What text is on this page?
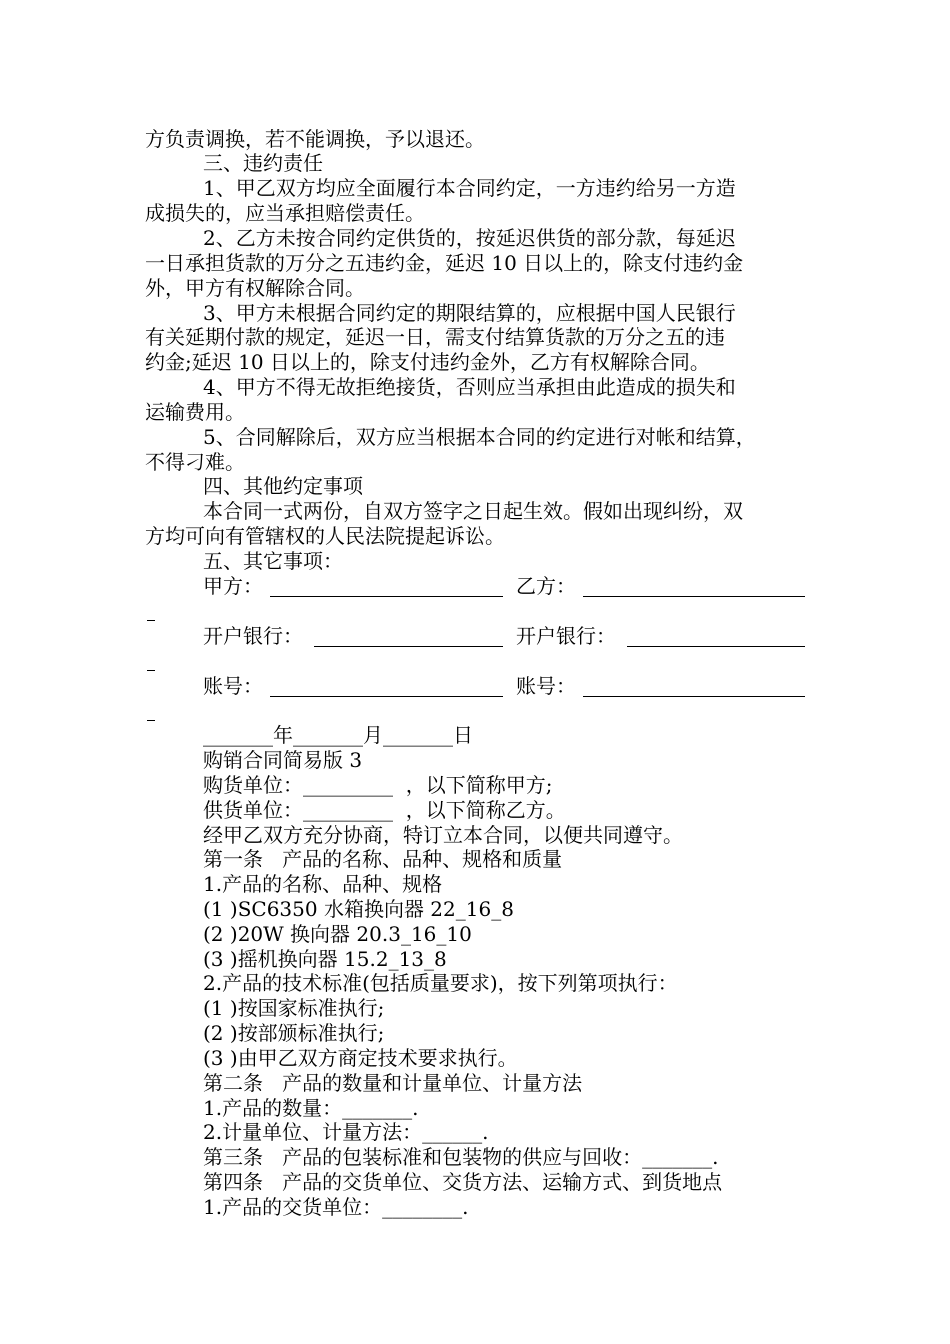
方负责调换，若不能调换，予以退还。
三、违约责任
1、甲乙双方均应全面履行本合同约定，一方违约给另一方造
成损失的，应当承担赔偿责任。
2、乙方未按合同约定供货的，按延迟供货的部分款，每延迟
一日承担货款的万分之五违约金，延迟 10 日以上的，除支付违约金
外，甲方有权解除合同。
3、甲方未根据合同约定的期限结算的，应根据中国人民银行
有关延期付款的规定，延迟一日，需支付结算货款的万分之五的违
约金;延迟 10 日以上的，除支付违约金外，乙方有权解除合同。
4、甲方不得无故拒绝接货，否则应当承担由此造成的损失和
运输费用。
5、合同解除后，双方应当根据本合同的约定进行对帐和结算，
不得刁难。
四、其他约定事项
本合同一式两份，自双方签字之日起生效。假如出现纠纷，双
方均可向有管辖权的人民法院提起诉讼。
五、其它事项：
甲方：	乙方：
开户银行：	开户银行：
账号：	账号：
_______年_______月_______日
购销合同简易版 3
购货单位：_________  ，以下简称甲方;
供货单位：_________  ，以下简称乙方。
经甲乙双方充分协商，特订立本合同，以便共同遵守。
第一条   产品的名称、品种、规格和质量
1.产品的名称、品种、规格
(1 )SC6350 水箱换向器 22_16_8
(2 )20W 换向器 20.3_16_10
(3 )摇机换向器 15.2_13_8
2.产品的技术标准(包括质量要求)，按下列第项执行：
(1 )按国家标准执行;
(2 )按部颁标准执行;
(3 )由甲乙双方商定技术要求执行。
第二条   产品的数量和计量单位、计量方法
1.产品的数量：_______.
2.计量单位、计量方法：______.
第三条   产品的包装标准和包装物的供应与回收：_______.
第四条   产品的交货单位、交货方法、运输方式、到货地点
1.产品的交货单位：________.
